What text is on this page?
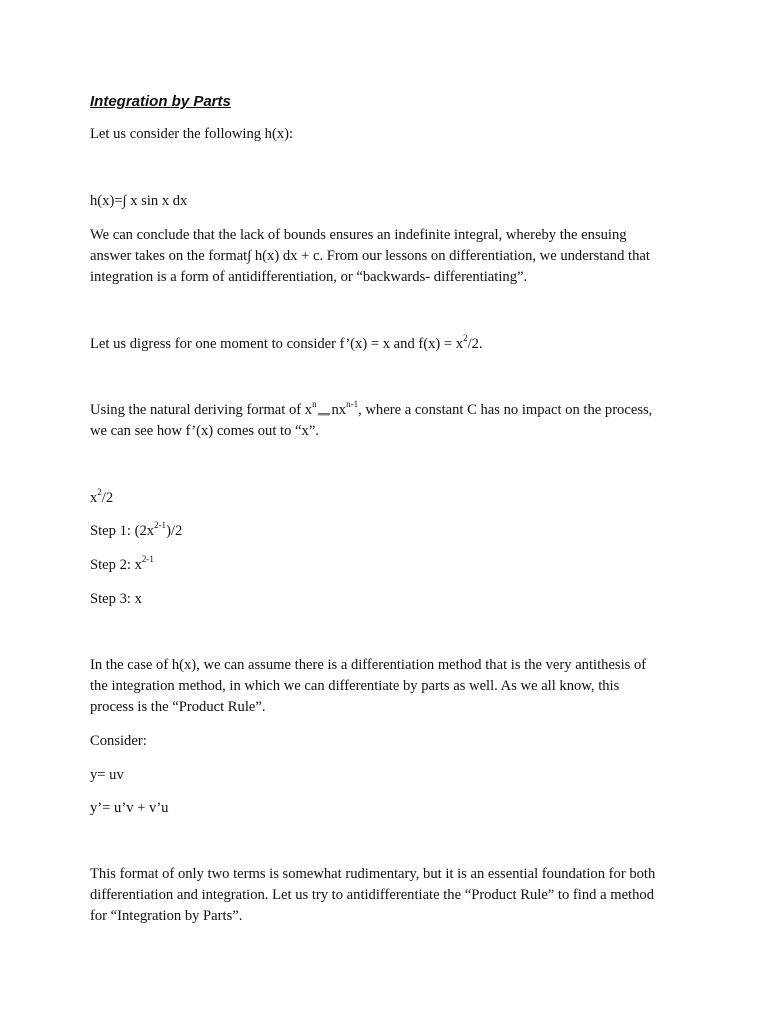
Integration by Parts
Let us consider the following h(x):
h(x)=∫ x sin x dx
We can conclude that the lack of bounds ensures an indefinite integral, whereby the ensuing
answer takes on the format∫ h(x) dx + c. From our lessons on differentiation, we understand that
integration is a form of antidifferentiation, or “backwards- differentiating”.
Let us digress for one moment to consider f’(x) = x and $f(x) = x^2/2$.
Using the natural deriving format of $x^n⟹nx^{n-1}$, where a constant C has no impact on the process,
we can see how f’(x) comes out to “x”.
$x^2/2$
Step 1: $(2x^{2-1})/2$
Step 2: $x^{2-1}$
Step 3: x
In the case of h(x), we can assume there is a differentiation method that is the very antithesis of
the integration method, in which we can differentiate by parts as well. As we all know, this
process is the “Product Rule”.
Consider:
y= uv
y’= u’v + v’u
This format of only two terms is somewhat rudimentary, but it is an essential foundation for both
differentiation and integration. Let us try to antidifferentiate the “Product Rule” to find a method
for “Integration by Parts”.
